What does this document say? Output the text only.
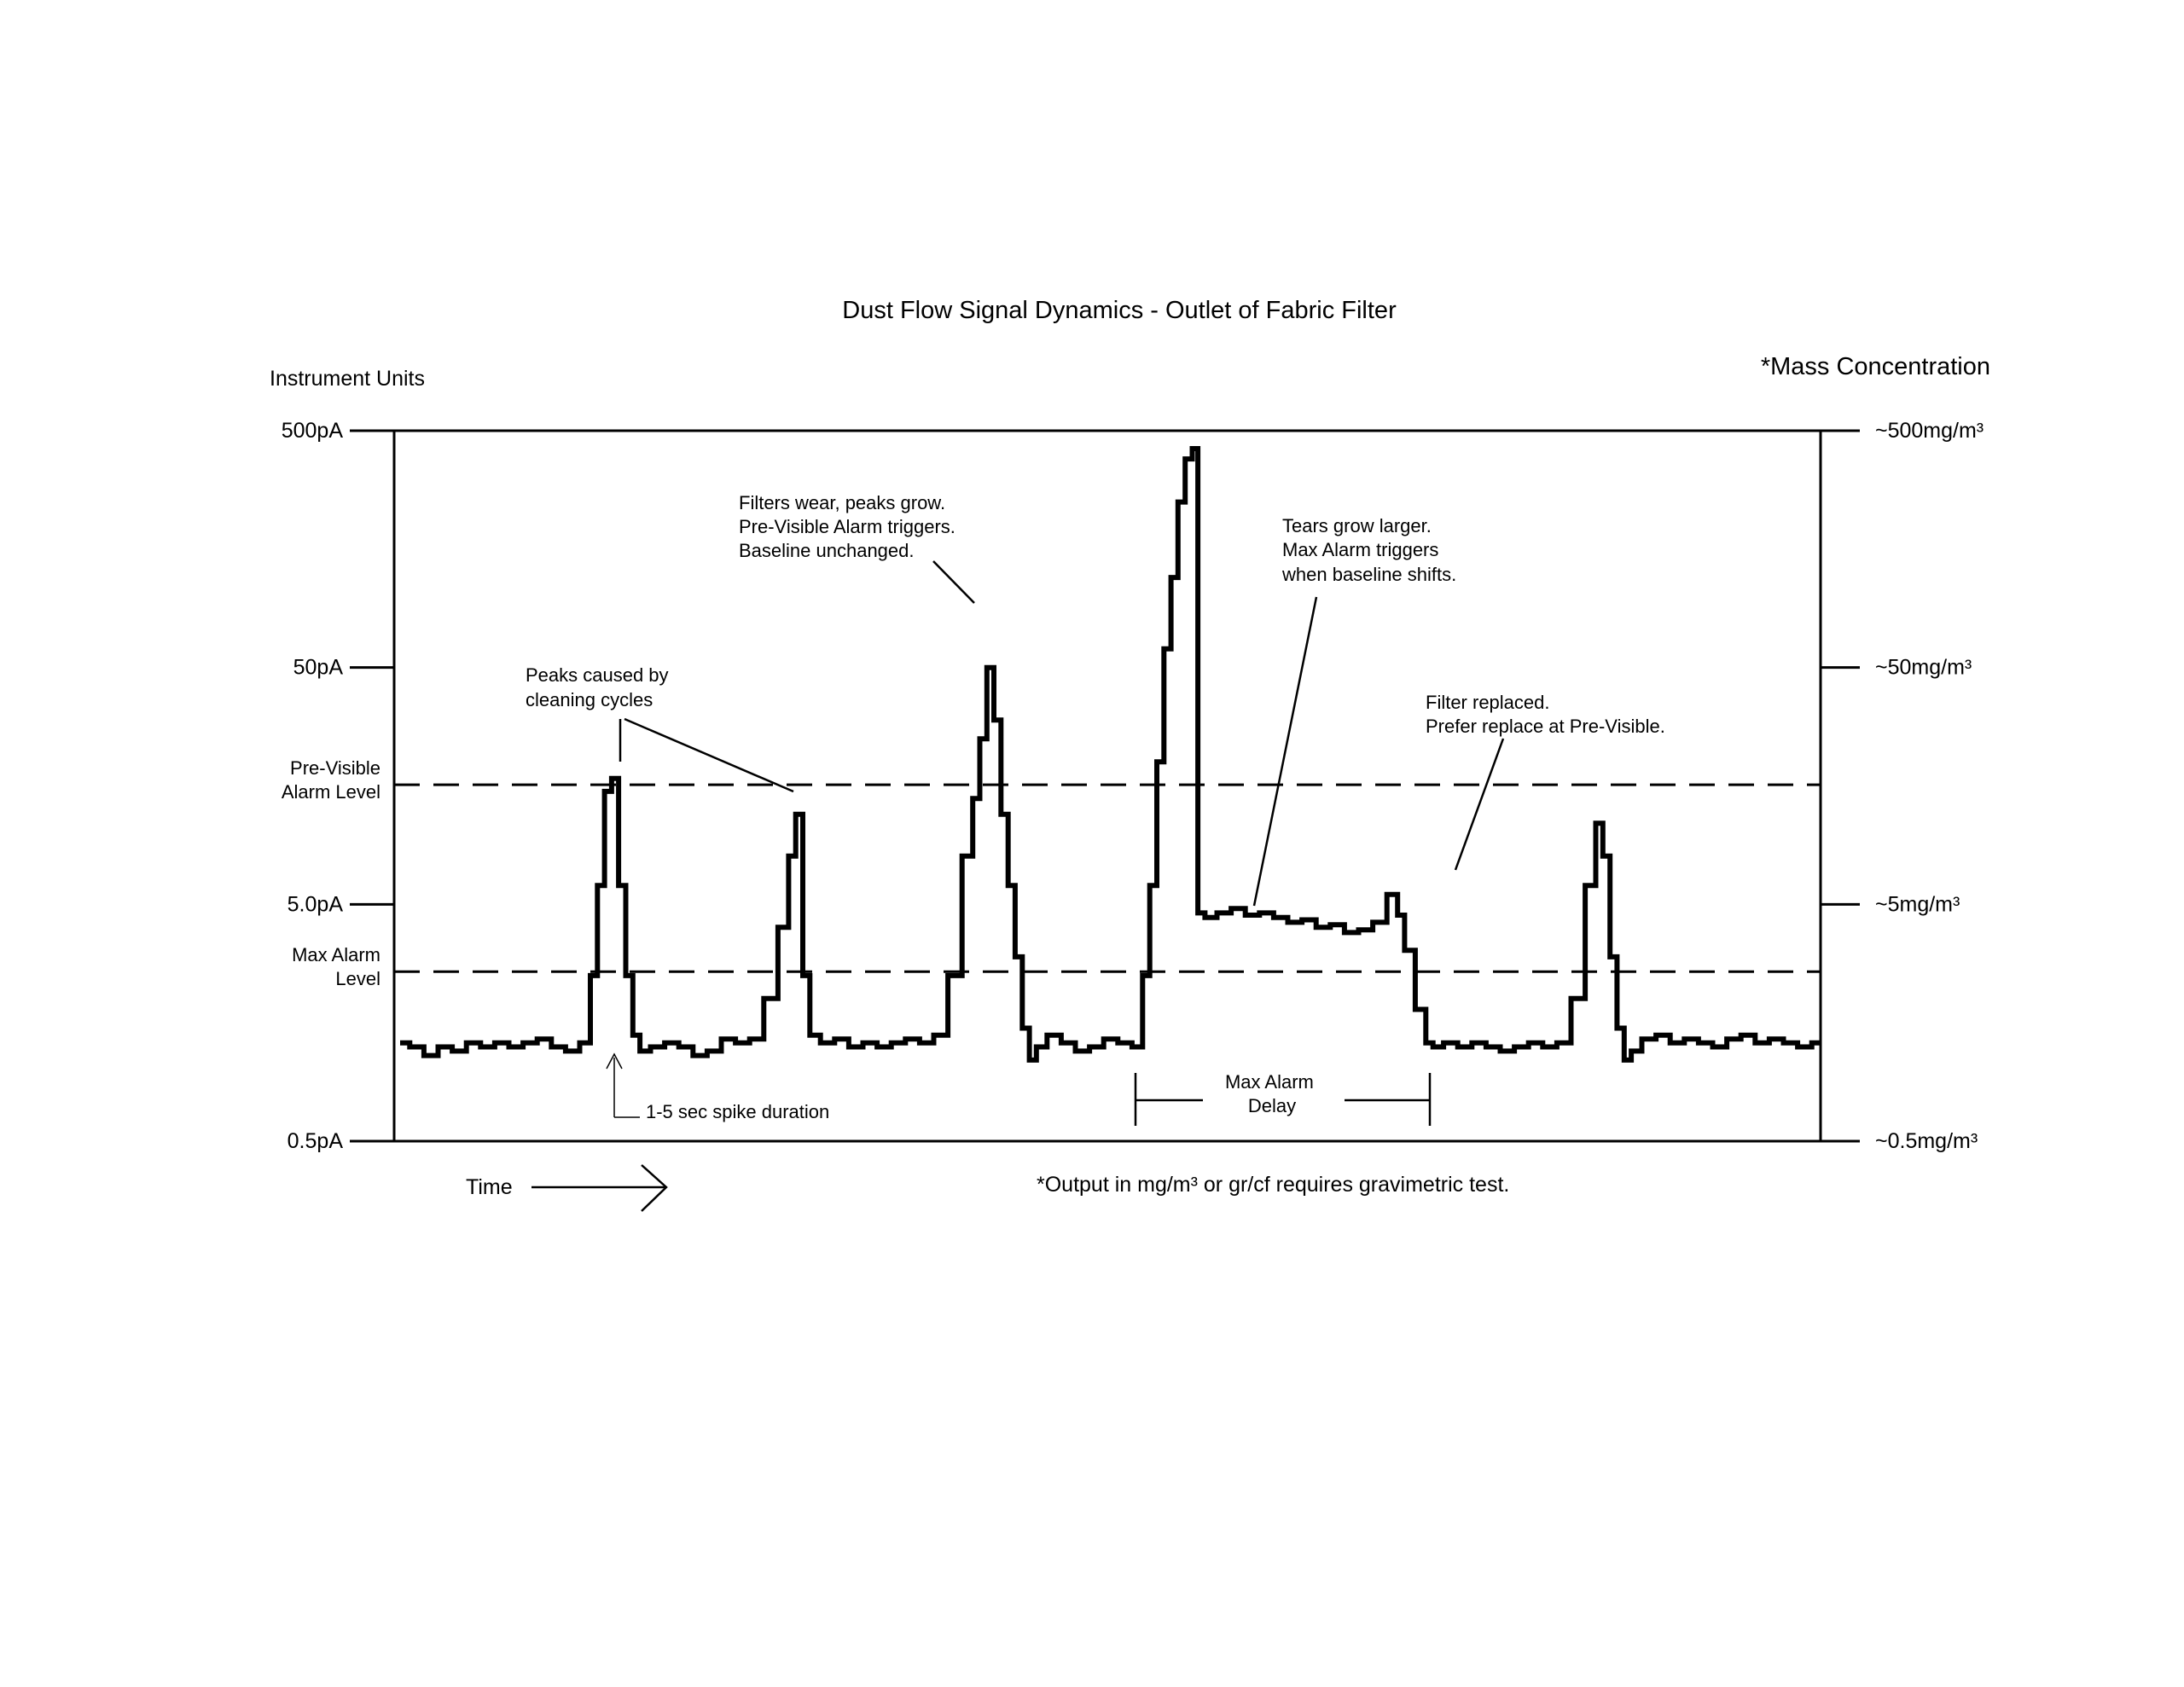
Dust Flow Signal Dynamics - Outlet of Fabric Filter
Instrument Units	*Mass Concentration
500pA
50pA
5.0pA
0.5pA
~500mg/m³
~50mg/m³
~5mg/m³
~0.5mg/m³
Pre-Visible Alarm Level
Max Alarm Level
Peaks caused by cleaning cycles
Filters wear, peaks grow. Pre-Visible Alarm triggers. Baseline unchanged.
Tears grow larger. Max Alarm triggers when baseline shifts.
Filter replaced. Prefer replace at Pre-Visible.
1-5 sec spike duration
Max Alarm Delay
Time	*Output in mg/m³ or gr/cf requires gravimetric test.
